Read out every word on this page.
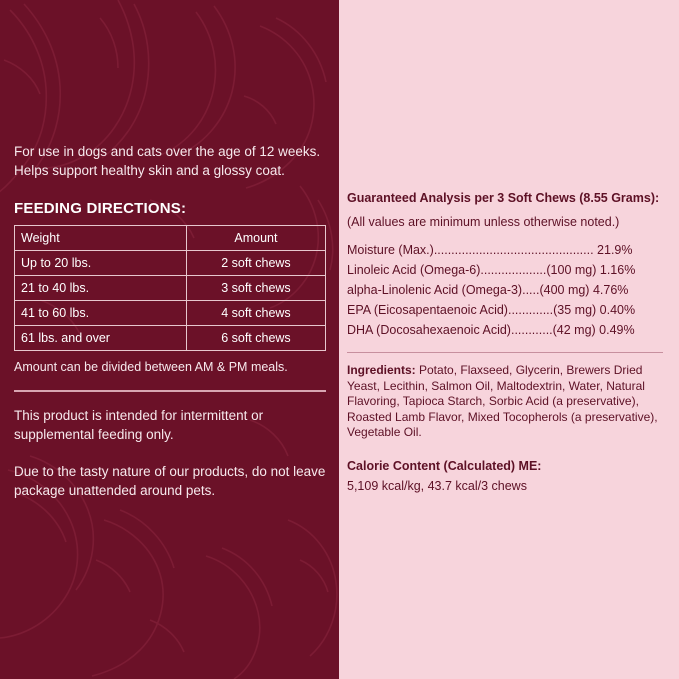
For use in dogs and cats over the age of 12 weeks. Helps support healthy skin and a glossy coat.

FEEDING DIRECTIONS:
Weight	Amount
Up to 20 lbs.	2 soft chews
21 to 40 lbs.	3 soft chews
41 to 60 lbs.	4 soft chews
61 lbs. and over	6 soft chews

Amount can be divided between AM & PM meals.

This product is intended for intermittent or supplemental feeding only.

Due to the tasty nature of our products, do not leave package unattended around pets.

Guaranteed Analysis per 3 Soft Chews (8.55 Grams):

(All values are minimum unless otherwise noted.)

Moisture (Max.).............................................. 21.9%
Linoleic Acid (Omega-6)...................(100 mg) 1.16%
alpha-Linolenic Acid (Omega-3).....(400 mg) 4.76%
EPA (Eicosapentaenoic Acid).............(35 mg) 0.40%
DHA (Docosahexaenoic Acid)............(42 mg) 0.49%

Ingredients: Potato, Flaxseed, Glycerin, Brewers Dried Yeast, Lecithin, Salmon Oil, Maltodextrin, Water, Natural Flavoring, Tapioca Starch, Sorbic Acid (a preservative), Roasted Lamb Flavor, Mixed Tocopherols (a preservative), Vegetable Oil.

Calorie Content (Calculated) ME:

5,109 kcal/kg, 43.7 kcal/3 chews
